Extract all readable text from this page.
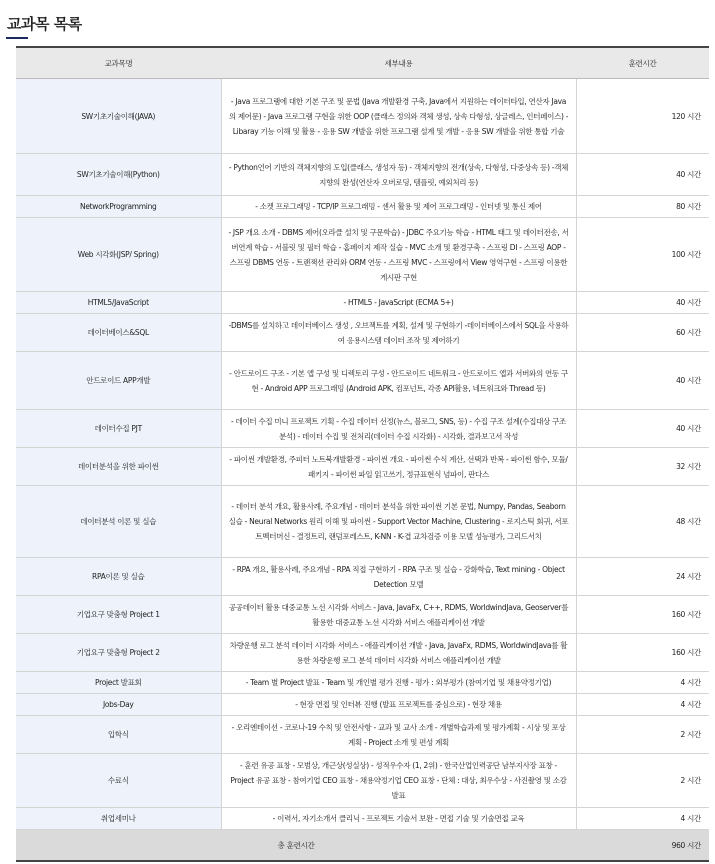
교과목 목록
교과목명	세부내용	훈련시간
SW기초기술이해(JAVA)	- Java 프로그램에 대한 기본 구조 및 문법 (Java 개발환경 구축, Java에서 지원하는 데이터타입, 연산자 Java의 제어문) - Java 프로그램 구현을 위한 OOP (클래스 정의와 객체 생성, 상속 다형성, 상글레스, 인터페이스) - Libaray 기능 이해 및 활용 - 응용 SW 개발을 위한 프로그램 설계 및 개발 - 응용 SW 개발을 위한 통합 기술	120 시간
SW기초기술이해(Python)	- Python언어 기반의 객체지향의 도입(클래스, 생성자 등) - 객체지향의 전개(상속, 다형성, 다중상속 등) -객체지향의 완성(연산자 오버로딩, 템플릿, 예외처리 등)	40 시간
NetworkProgramming	- 소켓 프로그래밍 - TCP/IP 프로그래밍 - 센서 활용 및 제어 프로그래밍 - 인터넷 및 통신 제어	80 시간
Web 시각화(JSP/ Spring)	- JSP 개요 소개 - DBMS 제어(오라클 설치 및 구문학습) - JDBC 주요기능 학습 - HTML 태그 및 데이터전송, 서버연계 학습 - 서블릿 및 필터 학습 - 홈페이지 제작 실습 - MVC 소개 및 환경구축 - 스프링 DI - 스프링 AOP - 스프링 DBMS 연동 - 트랜잭션 관리와 ORM 연동 - 스프링 MVC - 스프링에서 View 영역구현 - 스프링 이용한 게시판 구현	100 시간
HTML5/JavaScript	- HTML5 - JavaScript (ECMA 5+)	40 시간
데이터베이스&SQL	-DBMS를 설치하고 데이터베이스 생성 , 오브젝트를 계획, 설계 및 구현하기 -데이터베이스에서 SQL을 사용하여 응용시스템 데이터 조작 및 제어하기	60 시간
안드로이드 APP개발	- 안드로이드 구조 - 기본 앱 구성 및 디렉토리 구성 - 안드로이드 네트워크 - 안드로이드 앱과 서버와의 연동 구현 - Android APP 프로그래밍 (Android APK, 컴포넌트, 각종 API활용, 네트워크와 Thread 등)	40 시간
데이터수집 PJT	- 데이터 수집 미니 프로젝트 기획 - 수집 데이터 선정(뉴스, 블로그, SNS, 등) - 수집 구조 설계(수집대상 구조 분석) - 데이터 수집 및 전처리(데이터 수집 시각화) - 시각화, 결과보고서 작성	40 시간
데이터분석을 위한 파이썬	- 파이썬 개발환경, 주피터 노트북개발환경 - 파이썬 개요 - 파이썬 수식 계산, 선택과 반복 - 파이썬 함수, 모듈/패키지 - 파이썬 파일 읽고쓰기, 정규표현식 넘파이, 판다스	32 시간
데이터분석 이론 및 실습	- 데이터 분석 개요, 활용사례, 주요개념 - 데이터 분석을 위한 파이썬 기본 문법, Numpy, Pandas, Seaborn 실습 - Neural Networks 원리 이해 및 파이썬 - Support Vector Machine, Clustering - 로지스틱 회귀, 서포트벡터머신 - 결정트리, 랜덤포레스트, K-NN - K-겹 교차검증 이용 모델 성능평가, 그리드서치	48 시간
RPA이론 및 실습	- RPA 개요, 활용사례, 주요개념 - RPA 직접 구현하기 - RPA 구조 및 실습 - 강화학습, Text mining - Object Detection 모델	24 시간
기업요구 맞춤형 Project 1	공공데이터 활용 대중교통 노선 시각화 서비스 - Java, JavaFx, C++, RDMS, WorldwindJava, Geoserver를 활용한 대중교통 노선 시각화 서비스 애플리케이션 개발	160 시간
기업요구 맞춤형 Project 2	차량운행 로그 분석 데이터 시각화 서비스 - 애플리케이션 개발 - Java, JavaFx, RDMS, WorldwindJava를 활용한 차량운행 로그 분석 데이터 시각화 서비스 애플리케이션 개발	160 시간
Project 발표회	- Team 별 Project 발표 - Team 및 개인별 평가 진행 - 평가 : 외부평가 (참여기업 및 채용약정기업)	4 시간
Jobs-Day	- 현장 면접 및 인터뷰 진행 (발표 프로젝트를 중심으로) - 현장 채용	4 시간
입학식	- 오리엔테이션 - 코로나-19 수칙 및 안전사항 - 교과 및 교사 소개 - 개별학습과제 및 평가계획 - 시상 및 포상 계획 - Project 소개 및 편성 계획	2 시간
수료식	- 훈련 유공 표창 - 모범상, 개근상(성실상) - 성적우수자 (1, 2위) - 한국산업인력공단 남부지사장 표창 - Project 유공 표창 - 참여기업 CEO 표창 - 채용약정기업 CEO 표창 - 단체 : 대상, 최우수상 - 사진촬영 및 소감발표	2 시간
취업세미나	- 이력서, 자기소개서 클리닉 - 프로젝트 기술서 보완 - 면접 기술 및 기술면접 교육	4 시간
총 훈련시간		960 시간
